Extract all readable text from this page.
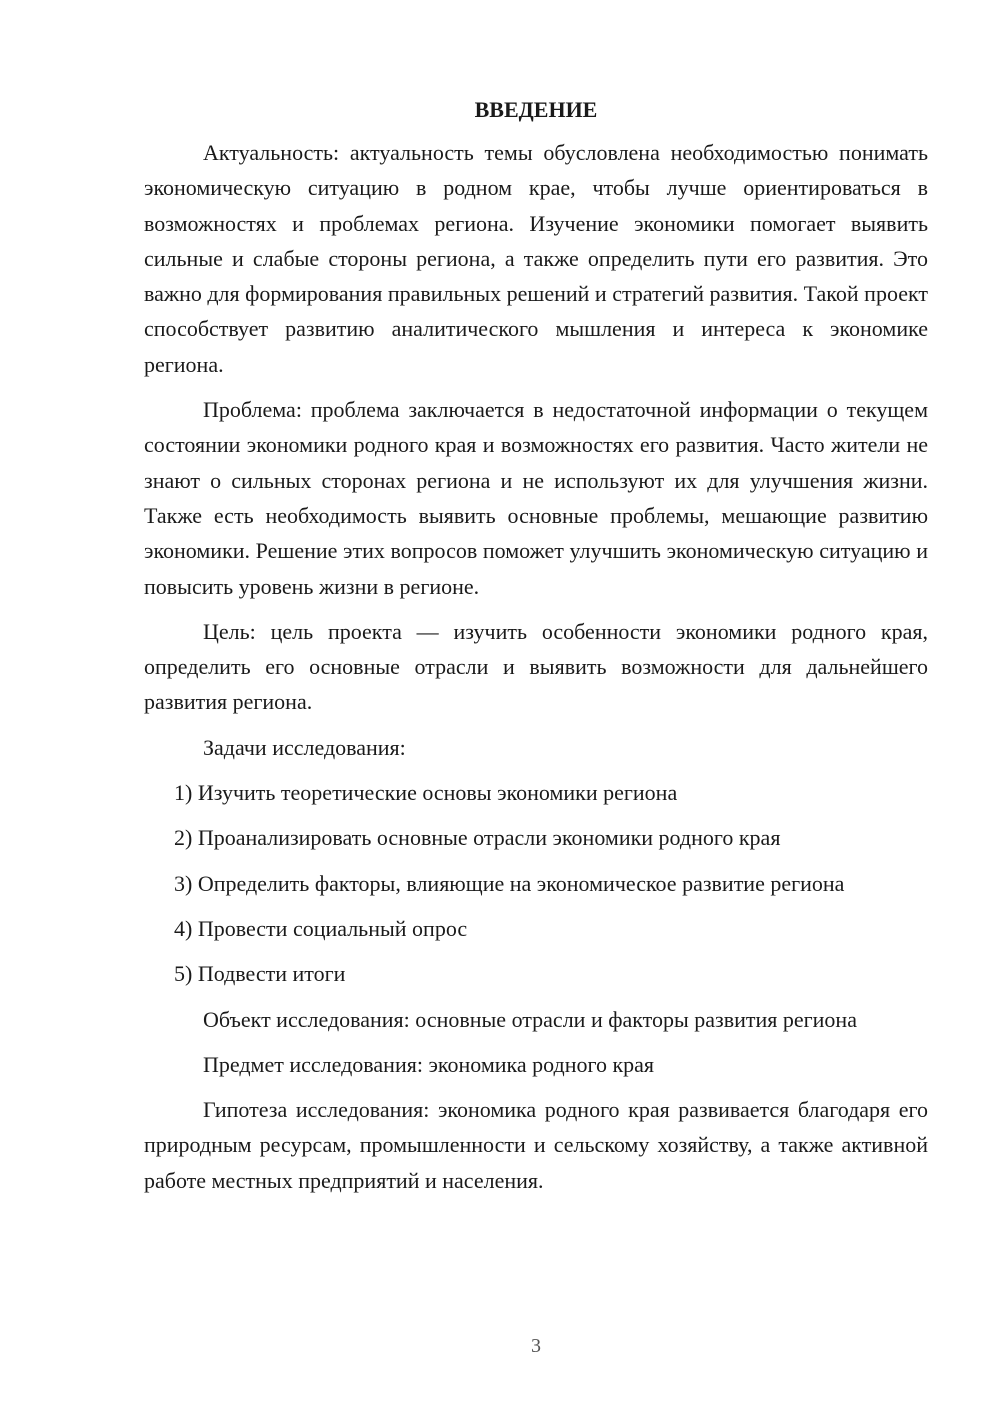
ВВЕДЕНИЕ

Актуальность: актуальность темы обусловлена необходимостью понимать экономическую ситуацию в родном крае, чтобы лучше ориентироваться в возможностях и проблемах региона. Изучение экономики помогает выявить сильные и слабые стороны региона, а также определить пути его развития. Это важно для формирования правильных решений и стратегий развития. Такой проект способствует развитию аналитического мышления и интереса к экономике региона.

Проблема: проблема заключается в недостаточной информации о текущем состоянии экономики родного края и возможностях его развития. Часто жители не знают о сильных сторонах региона и не используют их для улучшения жизни. Также есть необходимость выявить основные проблемы, мешающие развитию экономики. Решение этих вопросов поможет улучшить экономическую ситуацию и повысить уровень жизни в регионе.

Цель: цель проекта — изучить особенности экономики родного края, определить его основные отрасли и выявить возможности для дальнейшего развития региона.

Задачи исследования:

1) Изучить теоретические основы экономики региона

2) Проанализировать основные отрасли экономики родного края

3) Определить факторы, влияющие на экономическое развитие региона

4) Провести социальный опрос

5) Подвести итоги

Объект исследования: основные отрасли и факторы развития региона

Предмет исследования: экономика родного края

Гипотеза исследования: экономика родного края развивается благодаря его природным ресурсам, промышленности и сельскому хозяйству, а также активной работе местных предприятий и населения.

3
